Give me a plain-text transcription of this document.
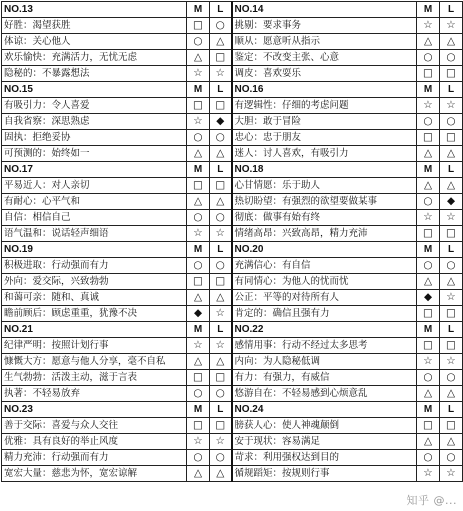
NO.13	M	L	NO.14	M	L
好胜：渴望获胜	□	○	挑剔：要求事务	☆	☆
体谅：关心他人	○	△	顺从：愿意听从指示	△	△
欢乐愉快：充满活力，无忧无虑	△	□	鉴定：不改变主张、心意	○	○
隐秘的：不暴露想法	☆	☆	调皮：喜欢耍乐	□	□
NO.15	M	L	NO.16	M	L
有吸引力：令人喜爱	□	□	有逻辑性：仔细的考虑问题	☆	☆
自我省察：深思熟虑	☆	◆	大胆：敢于冒险	○	○
固执：拒绝妥协	○	○	忠心：忠于朋友	□	□
可预测的：始终如一	△	△	迷人：讨人喜欢，有吸引力	△	△
NO.17	M	L	NO.18	M	L
平易近人：对人亲切	□	□	心甘情愿：乐于助人	△	△
有耐心：心平气和	△	△	热切盼望：有强烈的欲望要做某事	○	◆
自信：相信自己	○	○	彻底：做事有始有终	☆	☆
语气温和：说话轻声细语	☆	☆	情绪高昂：兴致高昂，精力充沛	□	□
NO.19	M	L	NO.20	M	L
积极进取：行动强而有力	○	○	充满信心：有自信	○	○
外向：爱交际，兴致勃勃	□	□	有同情心：为他人的忧而忧	△	△
和蔼可亲：随和、真诚	△	△	公正：平等的对待所有人	◆	☆
瞻前顾后：顾虑重重，犹豫不决	◆	☆	肯定的：确信且强有力	□	□
NO.21	M	L	NO.22	M	L
纪律严明：按照计划行事	☆	☆	感情用事：行动不经过太多思考	□	□
慷慨大方：愿意与他人分享，毫不自私	△	△	内向：为人隐秘低调	☆	☆
生气勃勃：活泼主动，滋于言表	□	□	有力：有强力，有威信	○	○
执著：不轻易放弃	○	○	悠游自在：不轻易感到心烦意乱	△	△
NO.23	M	L	NO.24	M	L
善于交际：喜爱与众人交往	□	□	膀获人心：使人神魂颠倒	□	□
优雅：具有良好的举止风度	☆	☆	安于现状：容易满足	△	△
精力充沛：行动强而有力	○	○	苛求：利用强权达到目的	○	○
宽宏大量：慈悲为怀，宽宏谅解	△	△	循规蹈矩：按规则行事	☆	☆
知乎 @...
